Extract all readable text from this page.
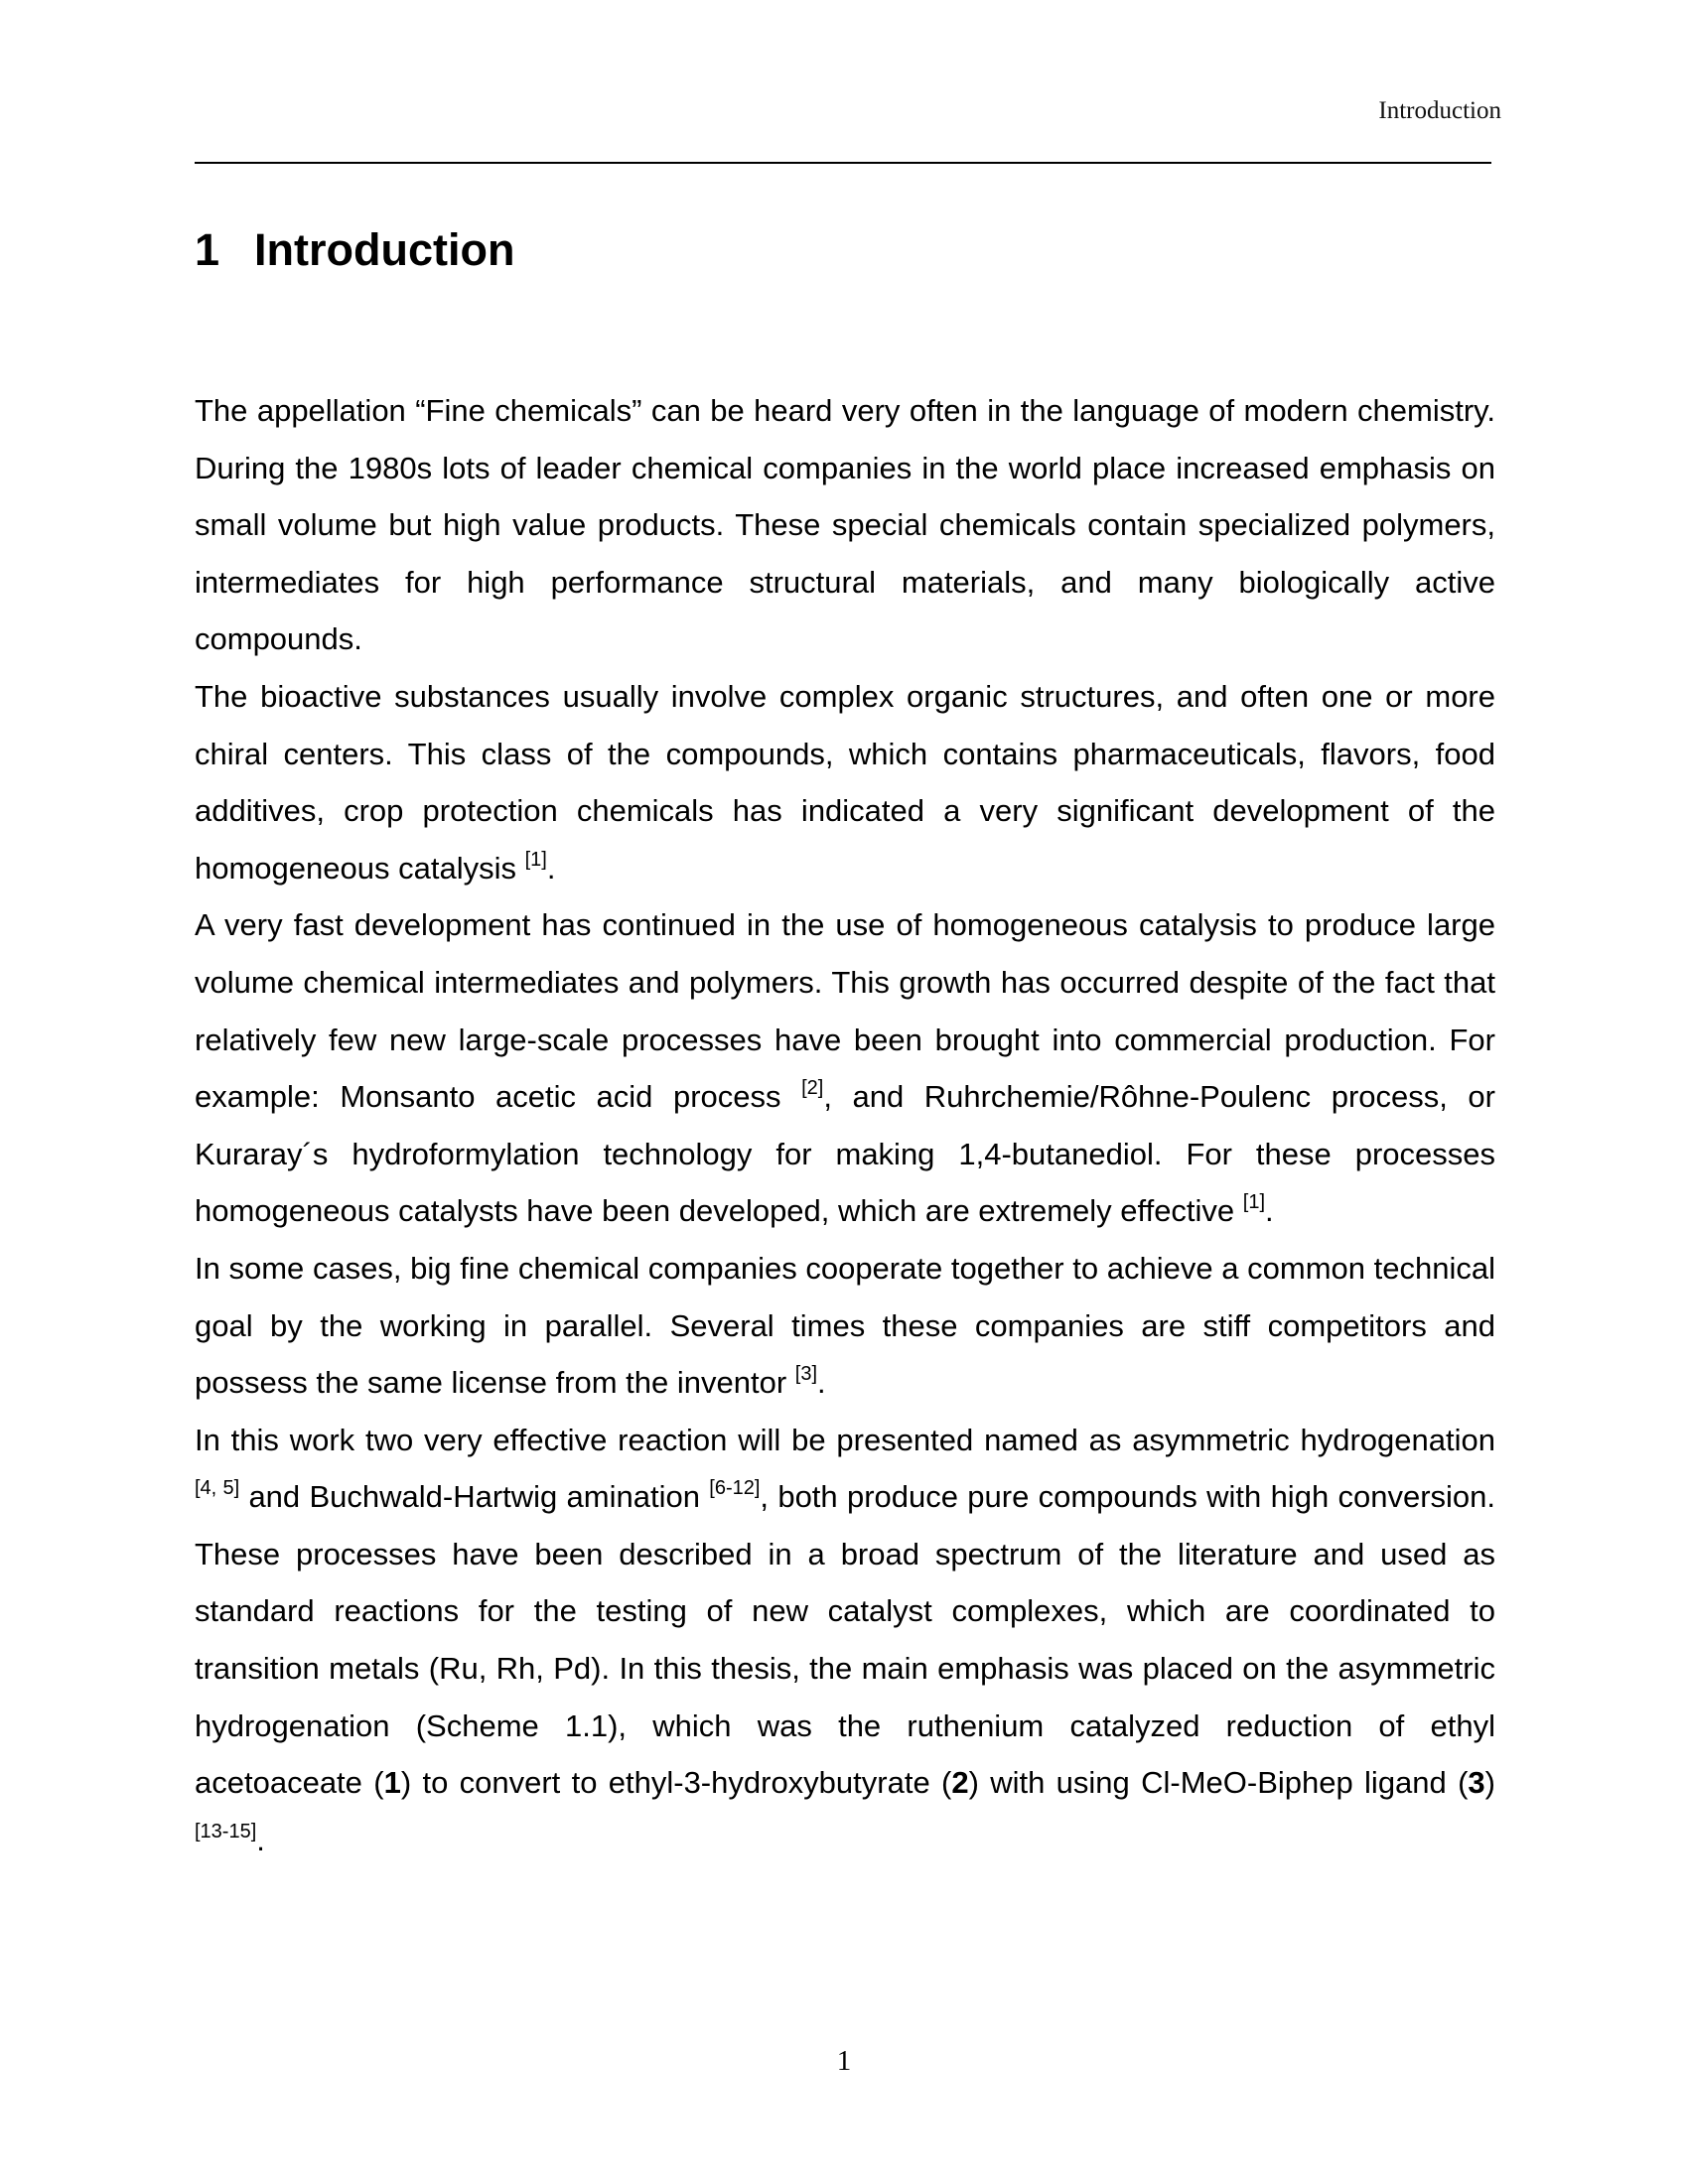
Introduction
1 Introduction

The appellation “Fine chemicals” can be heard very often in the language of modern chemistry. During the 1980s lots of leader chemical companies in the world place increased emphasis on small volume but high value products. These special chemicals contain specialized polymers, intermediates for high performance structural materials, and many biologically active compounds.

The bioactive substances usually involve complex organic structures, and often one or more chiral centers. This class of the compounds, which contains pharmaceuticals, flavors, food additives, crop protection chemicals has indicated a very significant development of the homogeneous catalysis [1].

A very fast development has continued in the use of homogeneous catalysis to produce large volume chemical intermediates and polymers. This growth has occurred despite of the fact that relatively few new large-scale processes have been brought into commercial production. For example: Monsanto acetic acid process [2], and Ruhrchemie/Rôhne-Poulenc process, or Kuraray´s hydroformylation technology for making 1,4-butanediol. For these processes homogeneous catalysts have been developed, which are extremely effective [1].

In some cases, big fine chemical companies cooperate together to achieve a common technical goal by the working in parallel. Several times these companies are stiff competitors and possess the same license from the inventor [3].

In this work two very effective reaction will be presented named as asymmetric hydrogenation [4, 5] and Buchwald-Hartwig amination [6-12], both produce pure compounds with high conversion. These processes have been described in a broad spectrum of the literature and used as standard reactions for the testing of new catalyst complexes, which are coordinated to transition metals (Ru, Rh, Pd). In this thesis, the main emphasis was placed on the asymmetric hydrogenation (Scheme 1.1), which was the ruthenium catalyzed reduction of ethyl acetoaceate (1) to convert to ethyl-3-hydroxybutyrate (2) with using Cl-MeO-Biphep ligand (3) [13-15].

1
